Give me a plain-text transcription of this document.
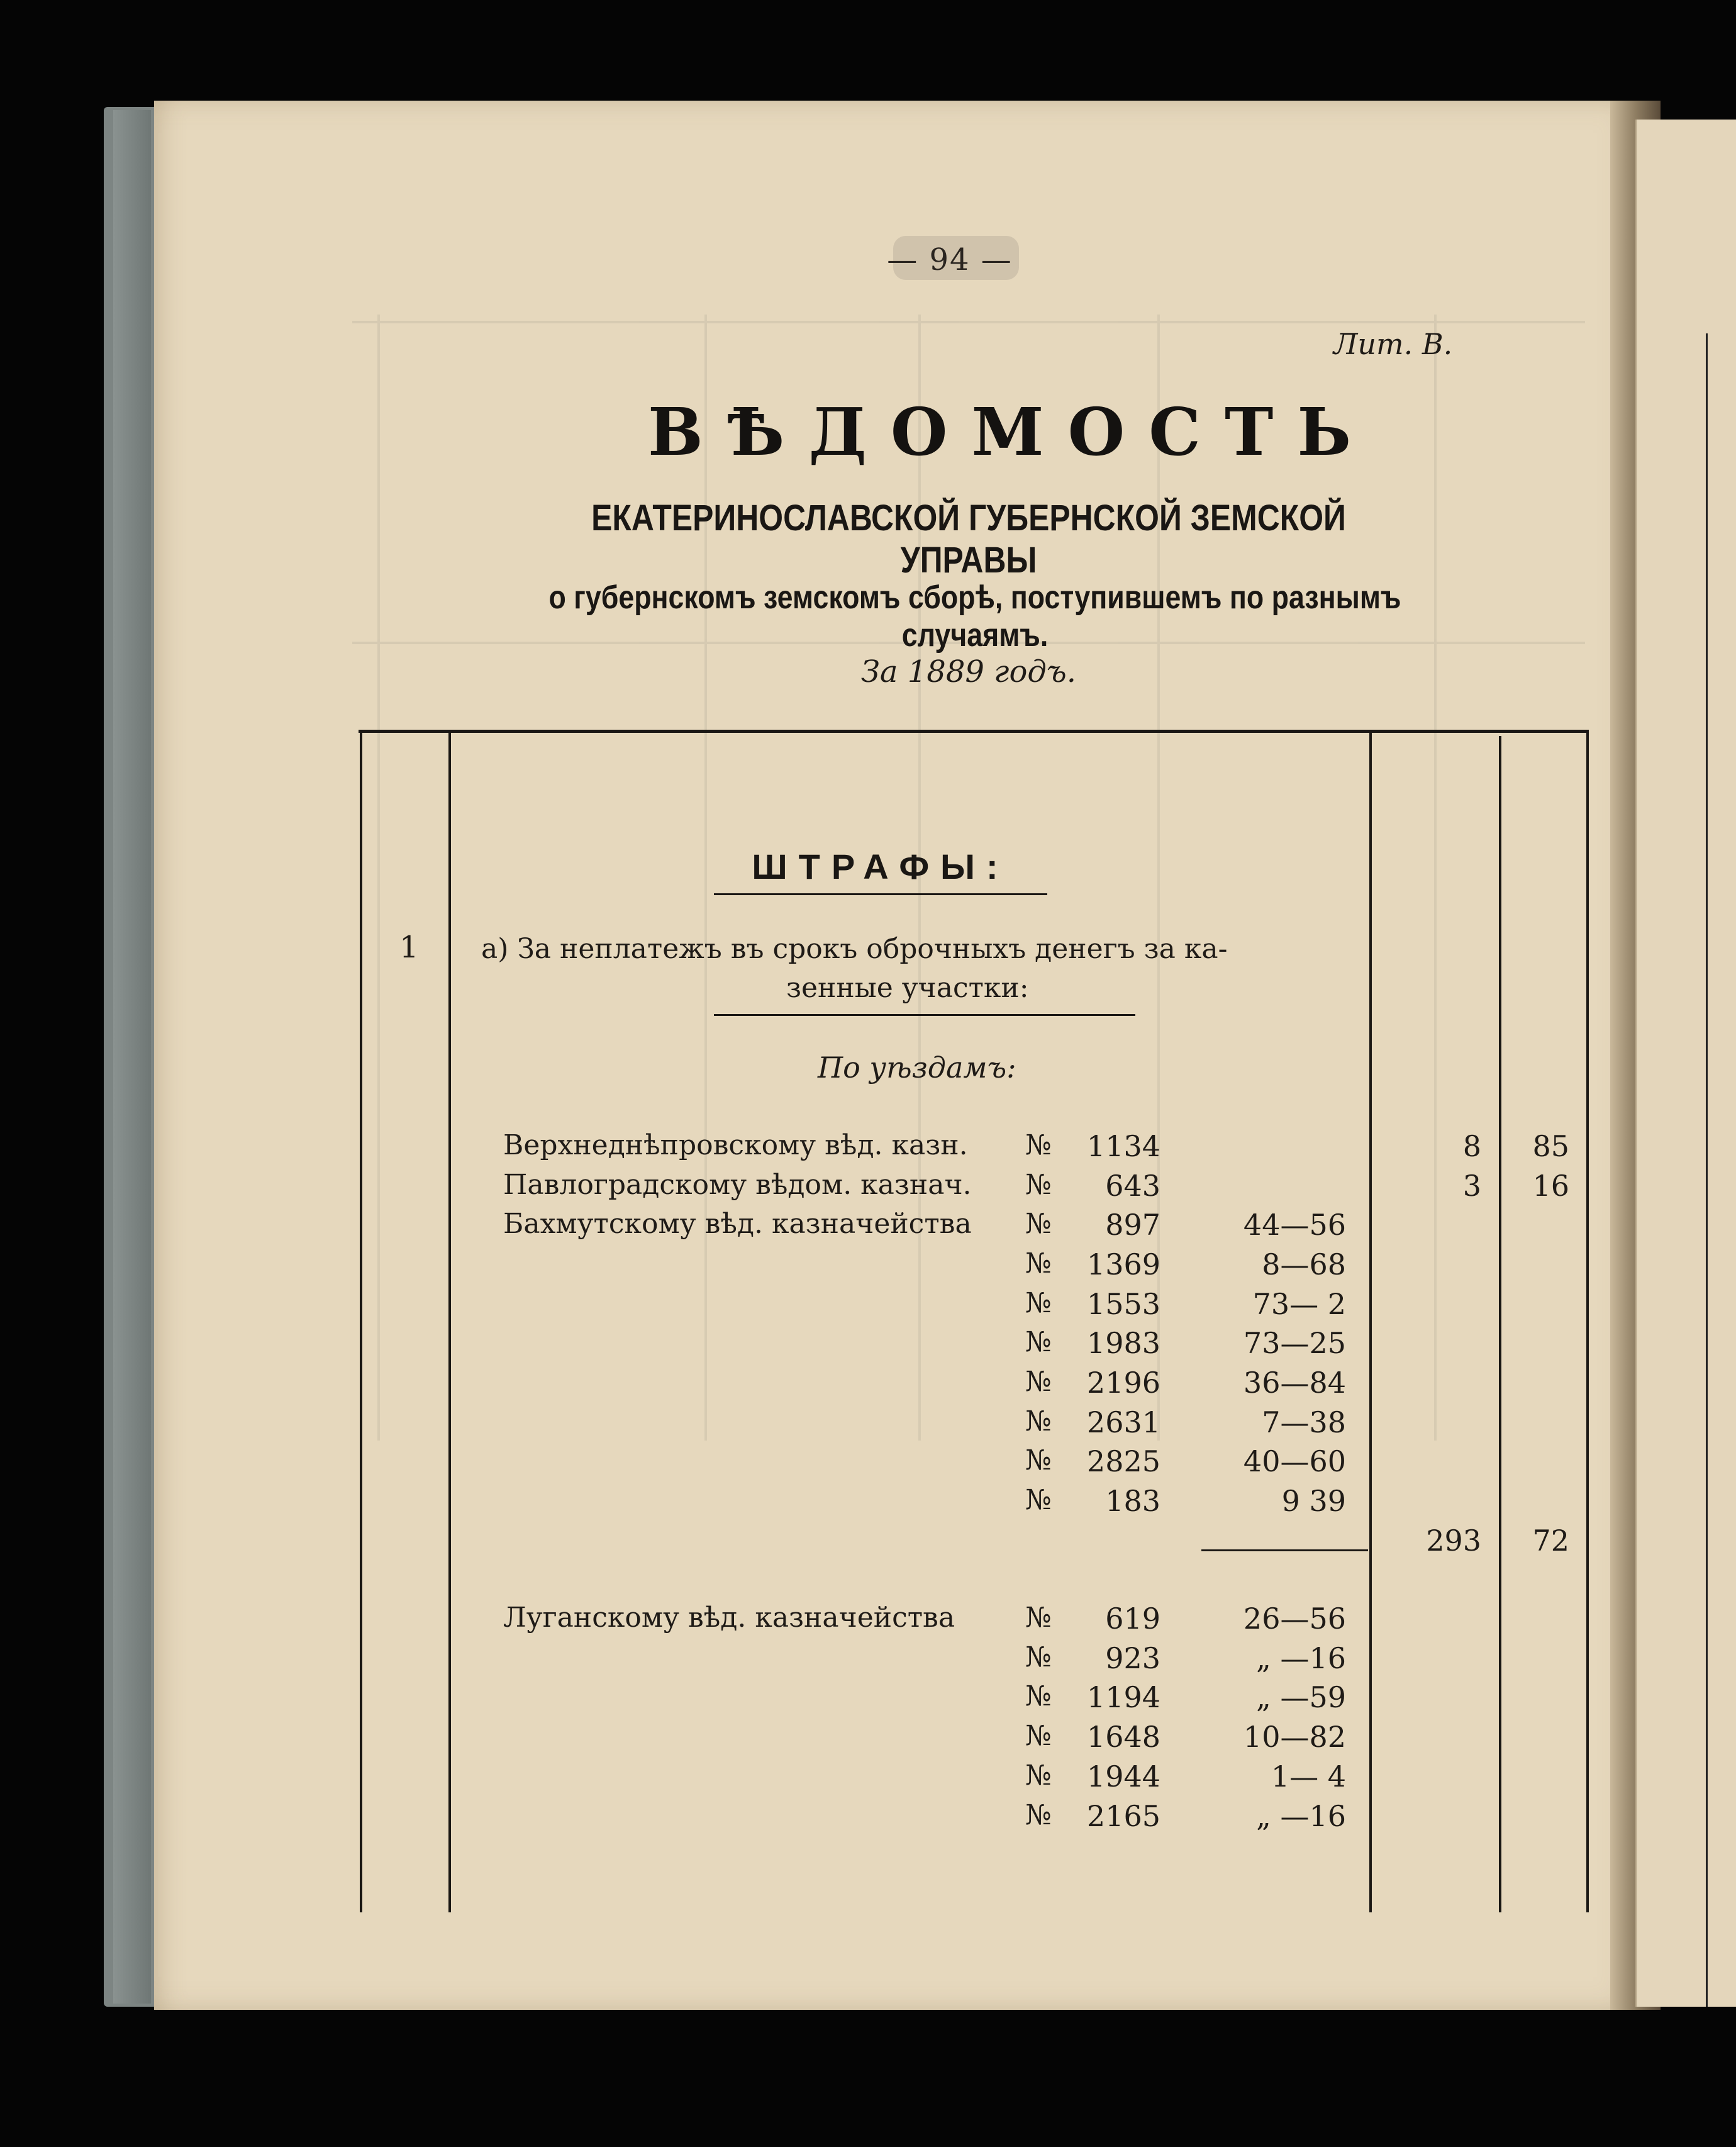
— 94 —
Лит. В.
ВѢДОМОСТЬ
ЕКАТЕРИНОСЛАВСКОЙ ГУБЕРНСКОЙ ЗЕМСКОЙ УПРАВЫ
о губернскомъ земскомъ сборѣ, поступившемъ по разнымъ случаямъ.
За 1889 годъ.
ШТРАФЫ:
1 а) За неплатежъ въ срокъ оброчныхъ денегъ за ка-
зенные участки:
По уѣздамъ:
Верхнеднѣпровскому вѣд. казн. №	1134	8	85
Павлоградскому вѣдом. казнач. №	643	3	16
Бахмутскому вѣд. казначейства №	897	44—56
№	1369	8—68
№	1553	73— 2
№	1983	73—25
№	2196	36—84
№	2631	7—38
№	2825	40—60
№	183	9 39
293	72
Луганскому вѣд. казначейства	№	619	26—56
№	923	„ —16
№	1194	„ —59
№	1648	10—82
№	1944	1— 4
№	2165	„ —16
